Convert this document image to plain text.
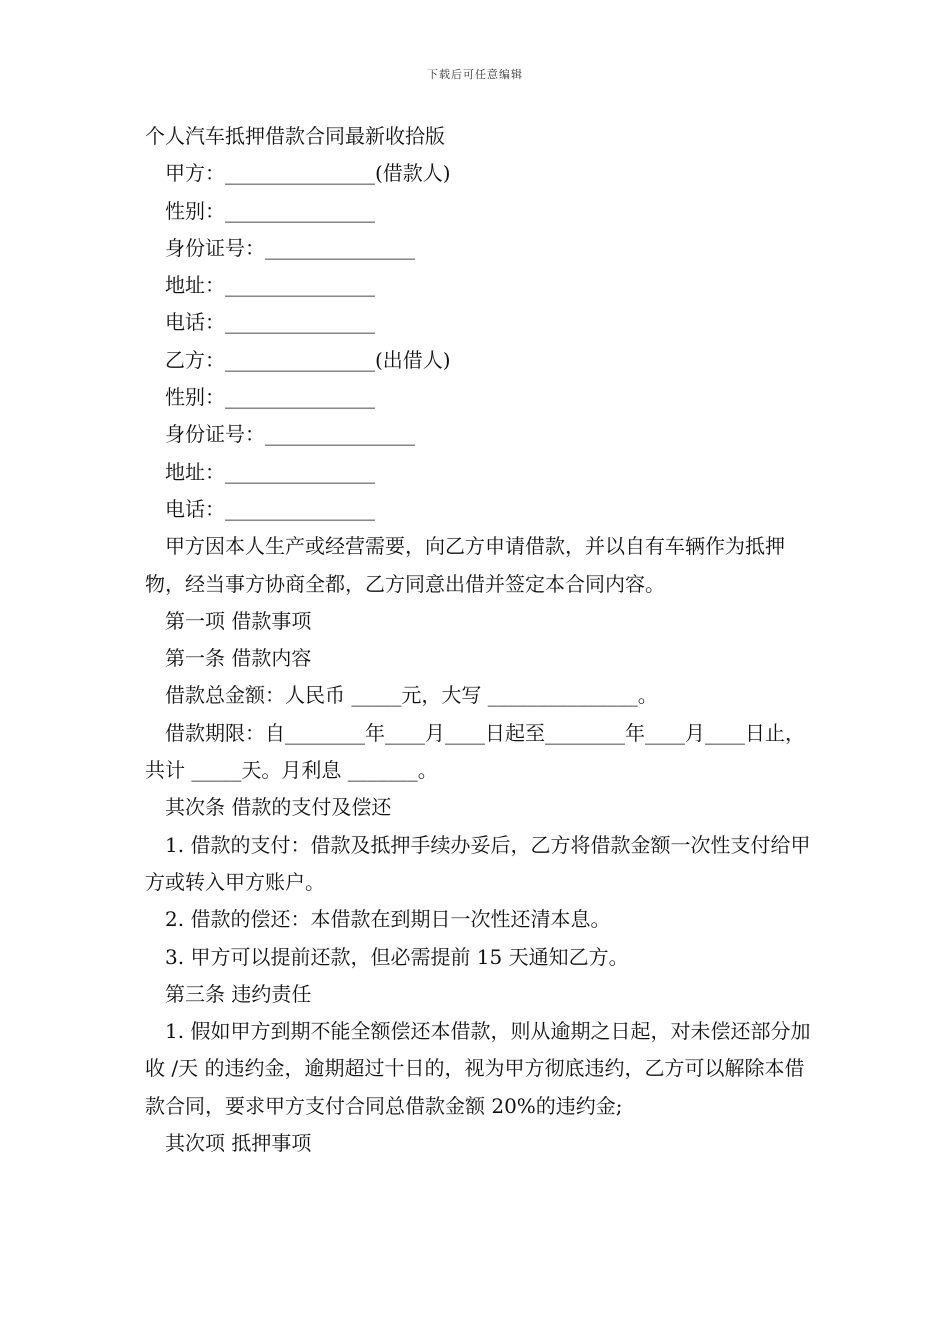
下载后可任意编辑

个人汽车抵押借款合同最新收拾版

甲方：_______________(借款人)

性别：_______________

身份证号：_______________

地址：_______________

电话：_______________

乙方：_______________(出借人)

性别：_______________

身份证号：_______________

地址：_______________

电话：_______________

甲方因本人生产或经营需要，向乙方申请借款，并以自有车辆作为抵押物，经当事方协商全都，乙方同意出借并签定本合同内容。

第一项 借款事项

第一条 借款内容

借款总金额：人民币 _____元，大写 _______________。

借款期限：自________年____月____日起至________年____月____日止，共计 _____天。月利息 _______。

其次条 借款的支付及偿还

1. 借款的支付：借款及抵押手续办妥后，乙方将借款金额一次性支付给甲方或转入甲方账户。

2. 借款的偿还：本借款在到期日一次性还清本息。

3. 甲方可以提前还款，但必需提前 15 天通知乙方。

第三条 违约责任

1. 假如甲方到期不能全额偿还本借款，则从逾期之日起，对未偿还部分加收 /天 的违约金，逾期超过十日的，视为甲方彻底违约，乙方可以解除本借款合同，要求甲方支付合同总借款金额 20%的违约金;

其次项 抵押事项
